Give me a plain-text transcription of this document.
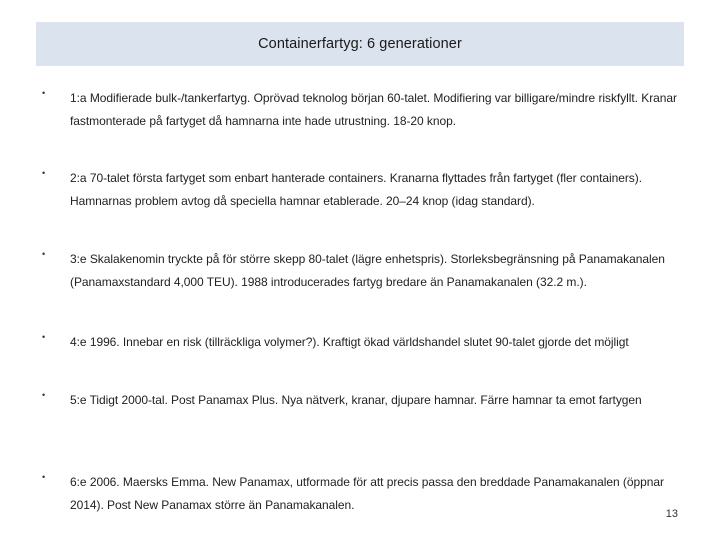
Containerfartyg: 6 generationer
• 1:a Modifierade bulk-/tankerfartyg. Oprövad teknolog början 60-talet. Modifiering var billigare/mindre riskfyllt. Kranar fastmonterade på fartyget då hamnarna inte hade utrustning. 18-20 knop.
• 2:a 70-talet första fartyget som enbart hanterade containers. Kranarna flyttades från fartyget (fler containers). Hamnarnas problem avtog då speciella hamnar etablerade. 20–24 knop (idag standard).
• 3:e Skalakenomin tryckte på för större skepp 80-talet (lägre enhetspris). Storleksbegränsning på Panamakanalen (Panamaxstandard 4,000 TEU). 1988 introducerades fartyg bredare än Panamakanalen (32.2 m.).
• 4:e 1996. Innebar en risk (tillräckliga volymer?). Kraftigt ökad världshandel slutet 90-talet gjorde det möjligt
• 5:e Tidigt 2000-tal. Post Panamax Plus. Nya nätverk, kranar, djupare hamnar. Färre hamnar ta emot fartygen
• 6:e 2006. Maersks Emma. New Panamax, utformade för att precis passa den breddade Panamakanalen (öppnar 2014). Post New Panamax större än Panamakanalen.
13
